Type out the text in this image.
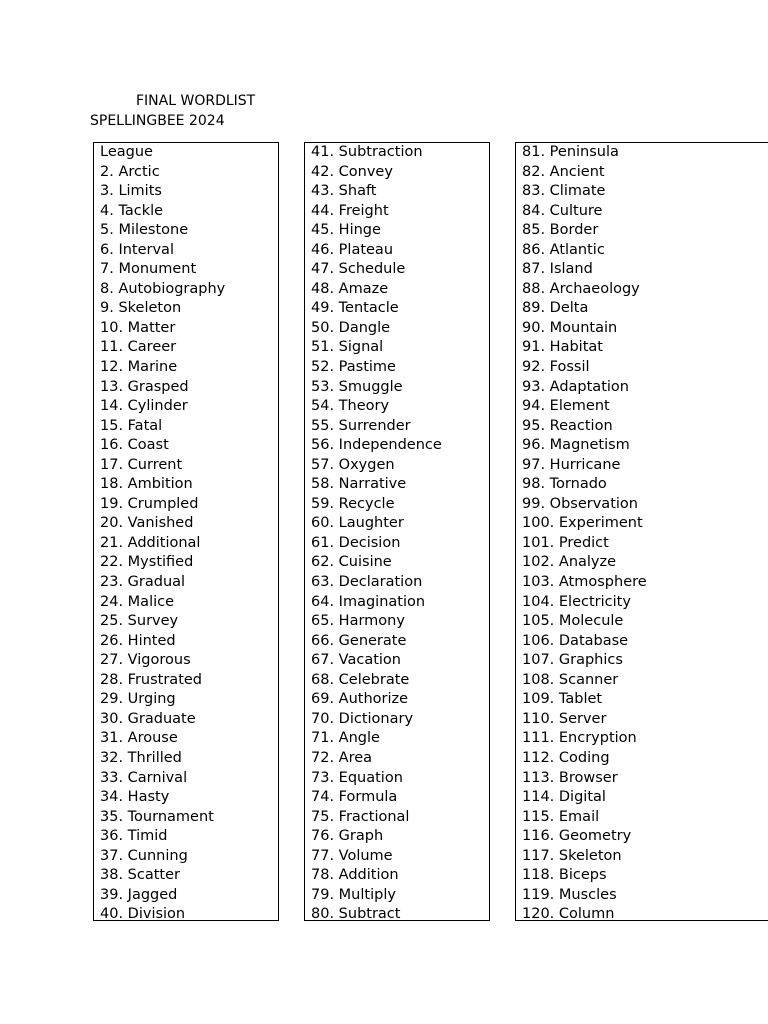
FINAL WORDLIST
SPELLINGBEE 2024
League
2. Arctic
3. Limits
4. Tackle
5. Milestone
6. Interval
7. Monument
8. Autobiography
9. Skeleton
10. Matter
11. Career
12. Marine
13. Grasped
14. Cylinder
15. Fatal
16. Coast
17. Current
18. Ambition
19. Crumpled
20. Vanished
21. Additional
22. Mystified
23. Gradual
24. Malice
25. Survey
26. Hinted
27. Vigorous
28. Frustrated
29. Urging
30. Graduate
31. Arouse
32. Thrilled
33. Carnival
34. Hasty
35. Tournament
36. Timid
37. Cunning
38. Scatter
39. Jagged
40. Division
41. Subtraction
42. Convey
43. Shaft
44. Freight
45. Hinge
46. Plateau
47. Schedule
48. Amaze
49. Tentacle
50. Dangle
51. Signal
52. Pastime
53. Smuggle
54. Theory
55. Surrender
56. Independence
57. Oxygen
58. Narrative
59. Recycle
60. Laughter
61. Decision
62. Cuisine
63. Declaration
64. Imagination
65. Harmony
66. Generate
67. Vacation
68. Celebrate
69. Authorize
70. Dictionary
71. Angle
72. Area
73. Equation
74. Formula
75. Fractional
76. Graph
77. Volume
78. Addition
79. Multiply
80. Subtract
81. Peninsula
82. Ancient
83. Climate
84. Culture
85. Border
86. Atlantic
87. Island
88. Archaeology
89. Delta
90. Mountain
91. Habitat
92. Fossil
93. Adaptation
94. Element
95. Reaction
96. Magnetism
97. Hurricane
98. Tornado
99. Observation
100. Experiment
101. Predict
102. Analyze
103. Atmosphere
104. Electricity
105. Molecule
106. Database
107. Graphics
108. Scanner
109. Tablet
110. Server
111. Encryption
112. Coding
113. Browser
114. Digital
115. Email
116. Geometry
117. Skeleton
118. Biceps
119. Muscles
120. Column
